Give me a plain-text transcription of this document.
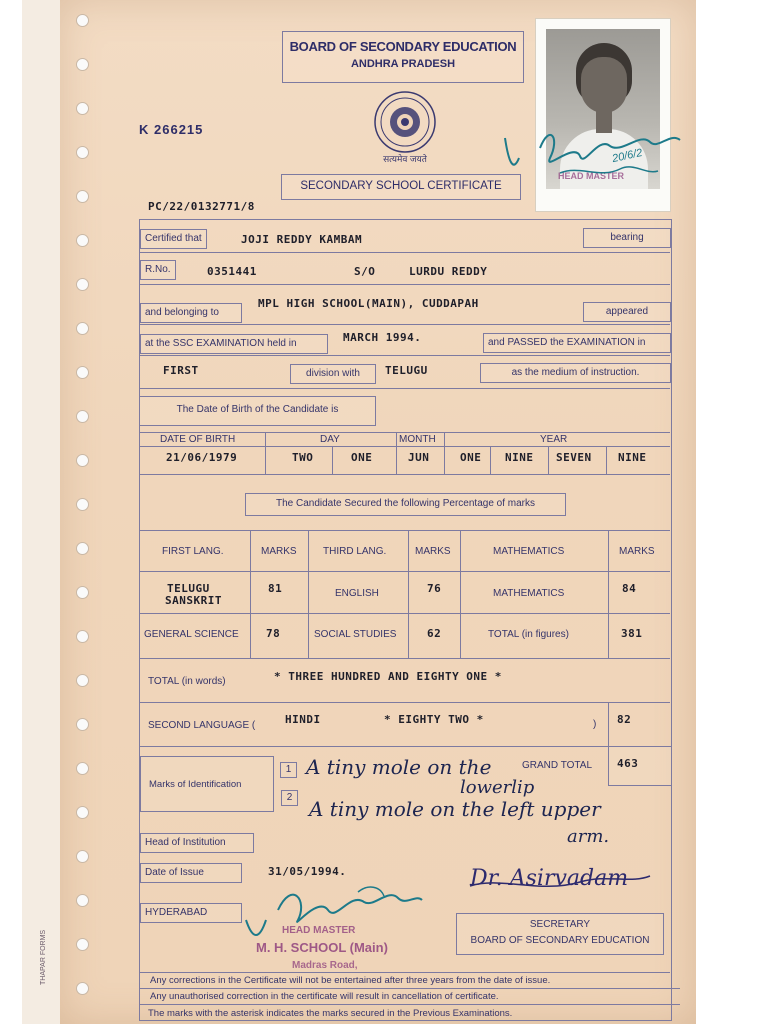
BOARD OF SECONDARY EDUCATION
ANDHRA PRADESH
K 266215
सत्यमेव जयते
SECONDARY SCHOOL CERTIFICATE
PC/22/0132771/8
HEAD MASTER
20/6/2
Certified that	JOJI REDDY KAMBAM	bearing
R.No.	0351441	S/O	LURDU REDDY
MPL HIGH SCHOOL(MAIN), CUDDAPAH
and belonging to	appeared
at the SSC EXAMINATION held in	MARCH 1994.	and PASSED the EXAMINATION in
FIRST	division with	TELUGU	as the medium of instruction.
The Date of Birth of the Candidate is
DATE OF BIRTH	DAY	MONTH	YEAR
21/06/1979	TWO	ONE	JUN	ONE NINE SEVEN NINE
The Candidate Secured the following Percentage of marks
FIRST LANG.	MARKS	THIRD LANG.	MARKS	MATHEMATICS	MARKS
TELUGU
SANSKRIT
81	ENGLISH	76	MATHEMATICS	84
GENERAL SCIENCE 78	SOCIAL STUDIES	62	TOTAL (in figures)	381
TOTAL (in words)	* THREE HUNDRED AND EIGHTY ONE *
SECOND LANGUAGE (	HINDI	* EIGHTY TWO *	) 82
Marks of Identification
1
2
A tiny mole on the
lowerlip
A tiny mole on the left upper
arm.
GRAND TOTAL 463
Head of Institution
Date of Issue	31/05/1994.
HYDERABAD
Dr. Asirvadam
SECRETARY
BOARD OF SECONDARY EDUCATION
HEAD MASTER
M. H. SCHOOL (Main)
Madras Road,
Any corrections in the Certificate will not be entertained after three years from the date of issue.
Any unauthorised correction in the certificate will result in cancellation of certificate.
The marks with the asterisk indicates the marks secured in the Previous Examinations.
THAPAR FORMS
